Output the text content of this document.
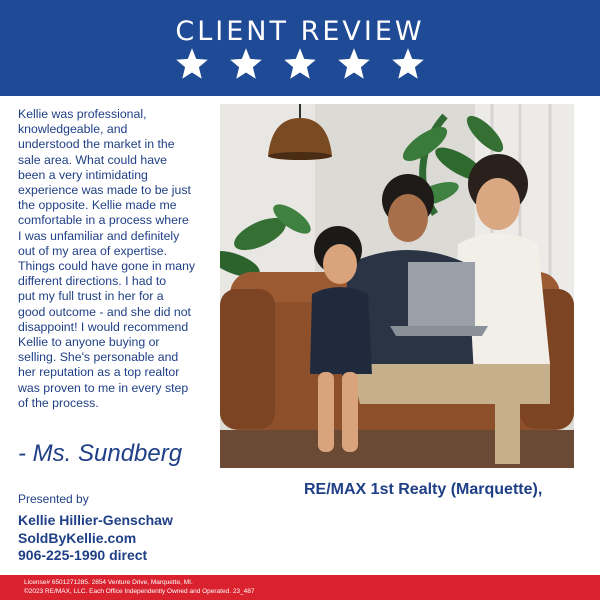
CLIENT REVIEW
Kellie was professional,
knowledgeable, and
understood the market in the
sale area. What could have
been a very intimidating
experience was made to be just
the opposite. Kellie made me
comfortable in a process where
I was unfamiliar and definitely
out of my area of expertise.
Things could have gone in many
different directions. I had to
put my full trust in her for a
good outcome - and she did not
disappoint! I would recommend
Kellie to anyone buying or
selling. She's personable and
her reputation as a top realtor
was proven to me in every step
of the process.
- Ms. Sundberg
RE/MAX 1st Realty (Marquette),
Presented by
Kellie Hillier-Genschaw
SoldByKellie.com
906-225-1990 direct
License# 6501271285. 2854 Venture Drive, Marquette, MI.
©2023 RE/MAX, LLC. Each Office Independently Owned and Operated. 23_487
